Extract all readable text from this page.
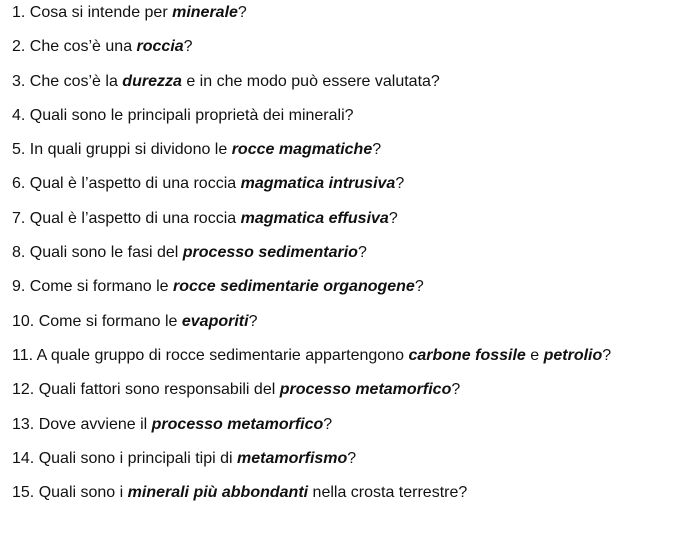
1. Cosa si intende per minerale?
2. Che cos’è una roccia?
3. Che cos’è la durezza e in che modo può essere valutata?
4. Quali sono le principali proprietà dei minerali?
5. In quali gruppi si dividono le rocce magmatiche?
6. Qual è l’aspetto di una roccia magmatica intrusiva?
7. Qual è l’aspetto di una roccia magmatica effusiva?
8. Quali sono le fasi del processo sedimentario?
9. Come si formano le rocce sedimentarie organogene?
10. Come si formano le evaporiti?
11. A quale gruppo di rocce sedimentarie appartengono carbone fossile e petrolio?
12. Quali fattori sono responsabili del processo metamorfico?
13. Dove avviene il processo metamorfico?
14. Quali sono i principali tipi di metamorfismo?
15. Quali sono i minerali più abbondanti nella crosta terrestre?
